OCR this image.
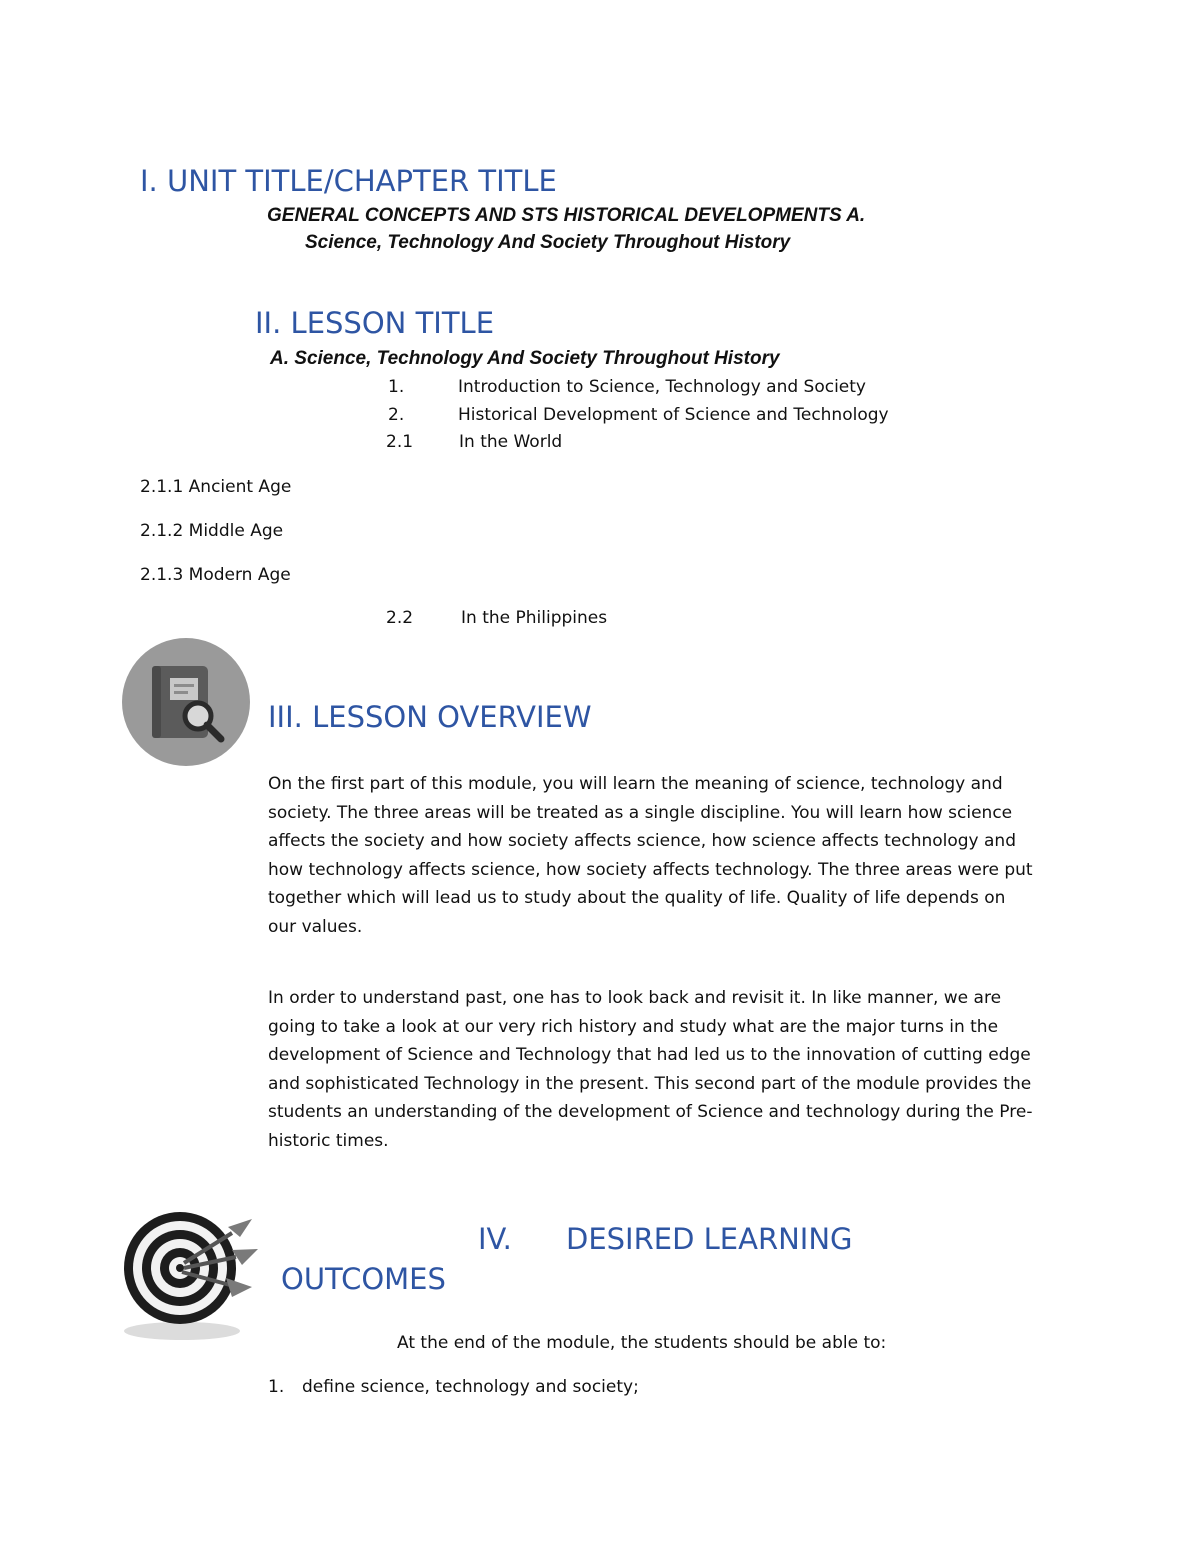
I. UNIT TITLE/CHAPTER TITLE
GENERAL CONCEPTS AND STS HISTORICAL DEVELOPMENTS A.
Science, Technology And Society Throughout History
II. LESSON TITLE
A. Science, Technology And Society Throughout History
1.	Introduction to Science, Technology and Society
2.	Historical Development of Science and Technology
2.1	In the World
2.1.1 Ancient Age
2.1.2 Middle Age
2.1.3 Modern Age
2.2	In the Philippines
III. LESSON OVERVIEW
On the first part of this module, you will learn the meaning of science, technology and
society. The three areas will be treated as a single discipline. You will learn how science
affects the society and how society affects science, how science affects technology and
how technology affects science, how society affects technology. The three areas were put
together which will lead us to study about the quality of life. Quality of life depends on
our values.
In order to understand past, one has to look back and revisit it. In like manner, we are
going to take a look at our very rich history and study what are the major turns in the
development of Science and Technology that had led us to the innovation of cutting edge
and sophisticated Technology in the present. This second part of the module provides the
students an understanding of the development of Science and technology during the Pre-
historic times.
IV. DESIRED LEARNING
OUTCOMES
At the end of the module, the students should be able to:
1. define science, technology and society;
